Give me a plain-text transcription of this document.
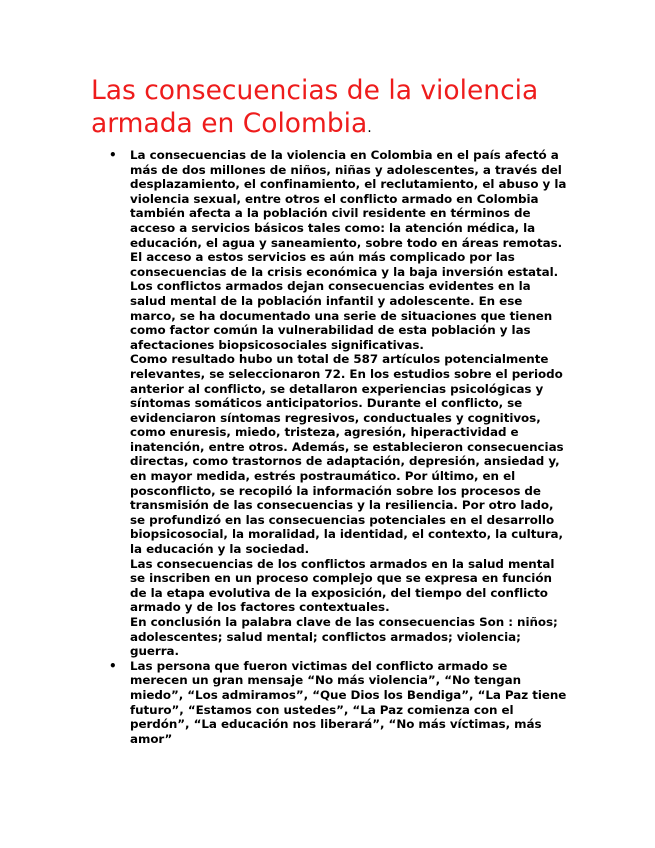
Las consecuencias de la violencia armada en Colombia.
• La consecuencias de la violencia en Colombia en el país afectó a más de dos millones de niños, niñas y adolescentes, a través del desplazamiento, el confinamiento, el reclutamiento, el abuso y la violencia sexual, entre otros el conflicto armado en Colombia también afecta a la población civil residente en términos de acceso a servicios básicos tales como: la atención médica, la educación, el agua y saneamiento, sobre todo en áreas remotas. El acceso a estos servicios es aún más complicado por las consecuencias de la crisis económica y la baja inversión estatal.

Los conflictos armados dejan consecuencias evidentes en la salud mental de la población infantil y adolescente. En ese marco, se ha documentado una serie de situaciones que tienen como factor común la vulnerabilidad de esta población y las afectaciones biopsicosociales significativas.

Como resultado hubo un total de 587 artículos potencialmente relevantes, se seleccionaron 72. En los estudios sobre el periodo anterior al conflicto, se detallaron experiencias psicológicas y síntomas somáticos anticipatorios. Durante el conflicto, se evidenciaron síntomas regresivos, conductuales y cognitivos, como enuresis, miedo, tristeza, agresión, hiperactividad e inatención, entre otros. Además, se establecieron consecuencias directas, como trastornos de adaptación, depresión, ansiedad y, en mayor medida, estrés postraumático. Por último, en el posconflicto, se recopiló la información sobre los procesos de transmisión de las consecuencias y la resiliencia. Por otro lado, se profundizó en las consecuencias potenciales en el desarrollo biopsicosocial, la moralidad, la identidad, el contexto, la cultura, la educación y la sociedad.

Las consecuencias de los conflictos armados en la salud mental se inscriben en un proceso complejo que se expresa en función de la etapa evolutiva de la exposición, del tiempo del conflicto armado y de los factores contextuales.

En conclusión la palabra clave de las consecuencias Son : niños; adolescentes; salud mental; conflictos armados; violencia; guerra.

• Las persona que fueron victimas del conflicto armado se merecen un gran mensaje “No más violencia”, “No tengan miedo”, “Los admiramos”, “Que Dios los Bendiga”, “La Paz tiene futuro”, “Estamos con ustedes”, “La Paz comienza con el perdón”, “La educación nos liberará”, “No más víctimas, más amor”
